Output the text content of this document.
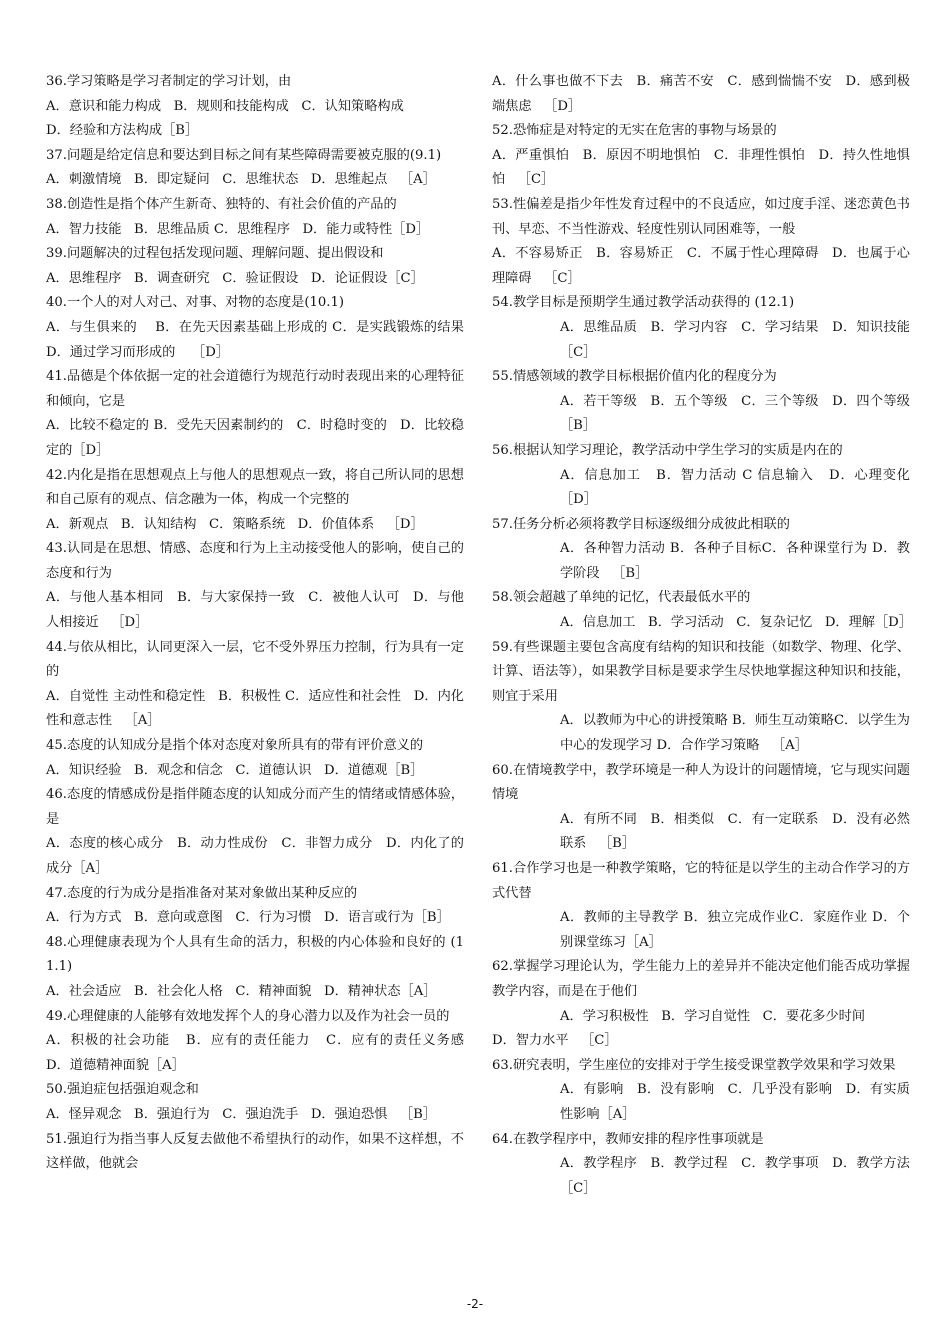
36.学习策略是学习者制定的学习计划，由

A．意识和能力构成   B．规则和技能构成   C．认知策略构成

D．经验和方法构成［B］

37.问题是给定信息和要达到目标之间有某些障碍需要被克服的(9.1)

A．刺激情境   B．即定疑问   C．思维状态   D．思维起点   ［A］

38.创造性是指个体产生新奇、独特的、有社会价值的产品的

A．智力技能   B．思维品质 C．思维程序   D．能力或特性［D］

39.问题解决的过程包括发现问题、理解问题、提出假设和

A．思维程序   B．调查研究   C．验证假设   D．论证假设［C］

40.一个人的对人对己、对事、对物的态度是(10.1)

A．与生俱来的    B．在先天因素基础上形成的 C．是实践锻炼的结果 D．通过学习而形成的    ［D］

41.品德是个体依据一定的社会道德行为规范行动时表现出来的心理特征和倾向，它是

A．比较不稳定的 B．受先天因素制约的   C．时稳时变的   D．比较稳定的［D］

42.内化是指在思想观点上与他人的思想观点一致，将自己所认同的思想和自己原有的观点、信念融为一体，构成一个完整的

A．新观点   B．认知结构   C．策略系统   D．价值体系   ［D］

43.认同是在思想、情感、态度和行为上主动接受他人的影响，使自己的态度和行为

A．与他人基本相同   B．与大家保持一致   C．被他人认可   D．与他人相接近   ［D］

44.与依从相比，认同更深入一层，它不受外界压力控制，行为具有一定的

A．自觉性 主动性和稳定性   B．积极性 C．适应性和社会性   D．内化性和意志性   ［A］

45.态度的认知成分是指个体对态度对象所具有的带有评价意义的

A．知识经验   B．观念和信念   C．道德认识   D．道德观［B］

46.态度的情感成份是指伴随态度的认知成分而产生的情绪或情感体验，是

A．态度的核心成分   B．动力性成份   C．非智力成分   D．内化了的成分［A］

47.态度的行为成分是指准备对某对象做出某种反应的

A．行为方式   B．意向或意图   C．行为习惯   D．语言或行为［B］

48.心理健康表现为个人具有生命的活力，积极的内心体验和良好的 (11.1)

A．社会适应   B．社会化人格   C．精神面貌   D．精神状态［A］

49.心理健康的人能够有效地发挥个人的身心潜力以及作为社会一员的

A．积极的社会功能   B．应有的责任能力   C．应有的责任义务感   D．道德精神面貌［A］

50.强迫症包括强迫观念和

A．怪异观念   B．强迫行为   C．强迫洗手   D．强迫恐惧   ［B］

51.强迫行为指当事人反复去做他不希望执行的动作，如果不这样想，不这样做，他就会

A．什么事也做不下去   B．痛苦不安   C．感到惴惴不安   D．感到极端焦虑   ［D］

52.恐怖症是对特定的无实在危害的事物与场景的

A．严重惧怕   B．原因不明地惧怕   C．非理性惧怕   D．持久性地惧怕   ［C］

53.性偏差是指少年性发育过程中的不良适应，如过度手淫、迷恋黄色书刊、早恋、不当性游戏、轻度性别认同困难等，一般

A．不容易矫正   B．容易矫正   C．不属于性心理障碍   D．也属于心理障碍   ［C］

54.教学目标是预期学生通过教学活动获得的 (12.1)

A．思维品质   B．学习内容   C．学习结果   D．知识技能   ［C］

55.情感领域的教学目标根据价值内化的程度分为

A．若干等级   B．五个等级   C．三个等级   D．四个等级［B］

56.根据认知学习理论，教学活动中学生学习的实质是内在的

A．信息加工   B．智力活动 C 信息输入   D．心理变化［D］

57.任务分析必须将教学目标逐级细分成彼此相联的

A．各种智力活动 B．各种子目标C．各种课堂行为 D．教学阶段   ［B］

58.领会超越了单纯的记忆，代表最低水平的

A．信息加工   B．学习活动   C．复杂记忆   D．理解［D］

59.有些课题主要包含高度有结构的知识和技能（如数学、物理、化学、计算、语法等），如果教学目标是要求学生尽快地掌握这种知识和技能，则宜于采用

A．以教师为中心的讲授策略 B．师生互动策略C．以学生为中心的发现学习 D．合作学习策略   ［A］

60.在情境教学中，教学环境是一种人为设计的问题情境，它与现实问题情境

A．有所不同   B．相类似   C．有一定联系   D．没有必然联系   ［B］

61.合作学习也是一种教学策略，它的特征是以学生的主动合作学习的方式代替

A．教师的主导教学 B．独立完成作业C．家庭作业 D．个别课堂练习［A］

62.掌握学习理论认为，学生能力上的差异并不能决定他们能否成功掌握教学内容，而是在于他们

A．学习积极性   B．学习自觉性   C．要花多少时间

D．智力水平   ［C］

63.研究表明，学生座位的安排对于学生接受课堂教学效果和学习效果

A．有影响   B．没有影响   C．几乎没有影响   D．有实质性影响［A］

64.在教学程序中，教师安排的程序性事项就是

A．教学程序   B．教学过程   C．教学事项   D．教学方法   ［C］

-2-
